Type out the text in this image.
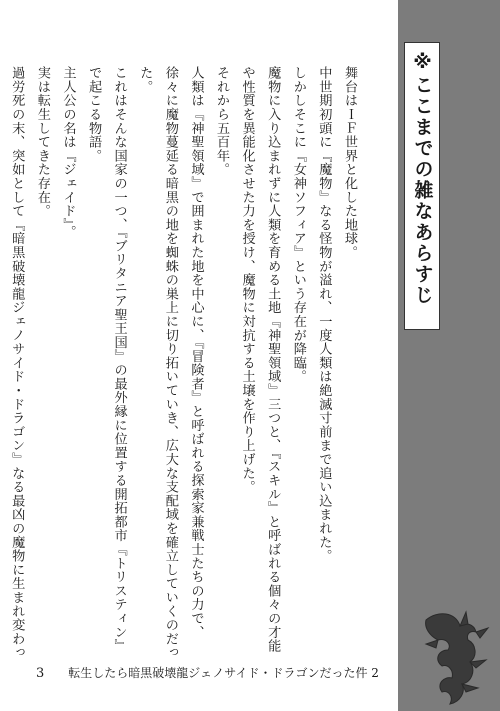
※ここまでの雑なあらすじ
舞台はＩＦ世界と化した地球。
中世期初頭に『魔物』なる怪物が溢れ、一度人類は絶滅寸前まで追い込まれた。
しかしそこに『女神ソフィア』という存在が降臨。
魔物に入り込まれずに人類を育める土地『神聖領域』三つと、『スキル』と呼ばれる個々の才能
や性質を異能化させた力を授け、魔物に対抗する土壌を作り上げた。
それから五百年。
人類は『神聖領域』で囲まれた地を中心に、『冒険者』と呼ばれる探索家兼戦士たちの力で、
徐々に魔物蔓延る暗黒の地を蜘蛛の巣上に切り拓いていき、広大な支配域を確立していくのだった。
これはそんな国家の一つ、『ブリタニア聖王国』の最外縁に位置する開拓都市『トリスティン』
で起こる物語。
主人公の名は『ジェイド』。
実は転生してきた存在。
過労死の末、突如として『暗黒破壊龍ジェノサイド・ドラゴン』なる最凶の魔物に生まれ変わっ
3 転生したら暗黒破壊龍ジェノサイド・ドラゴンだった件 2
